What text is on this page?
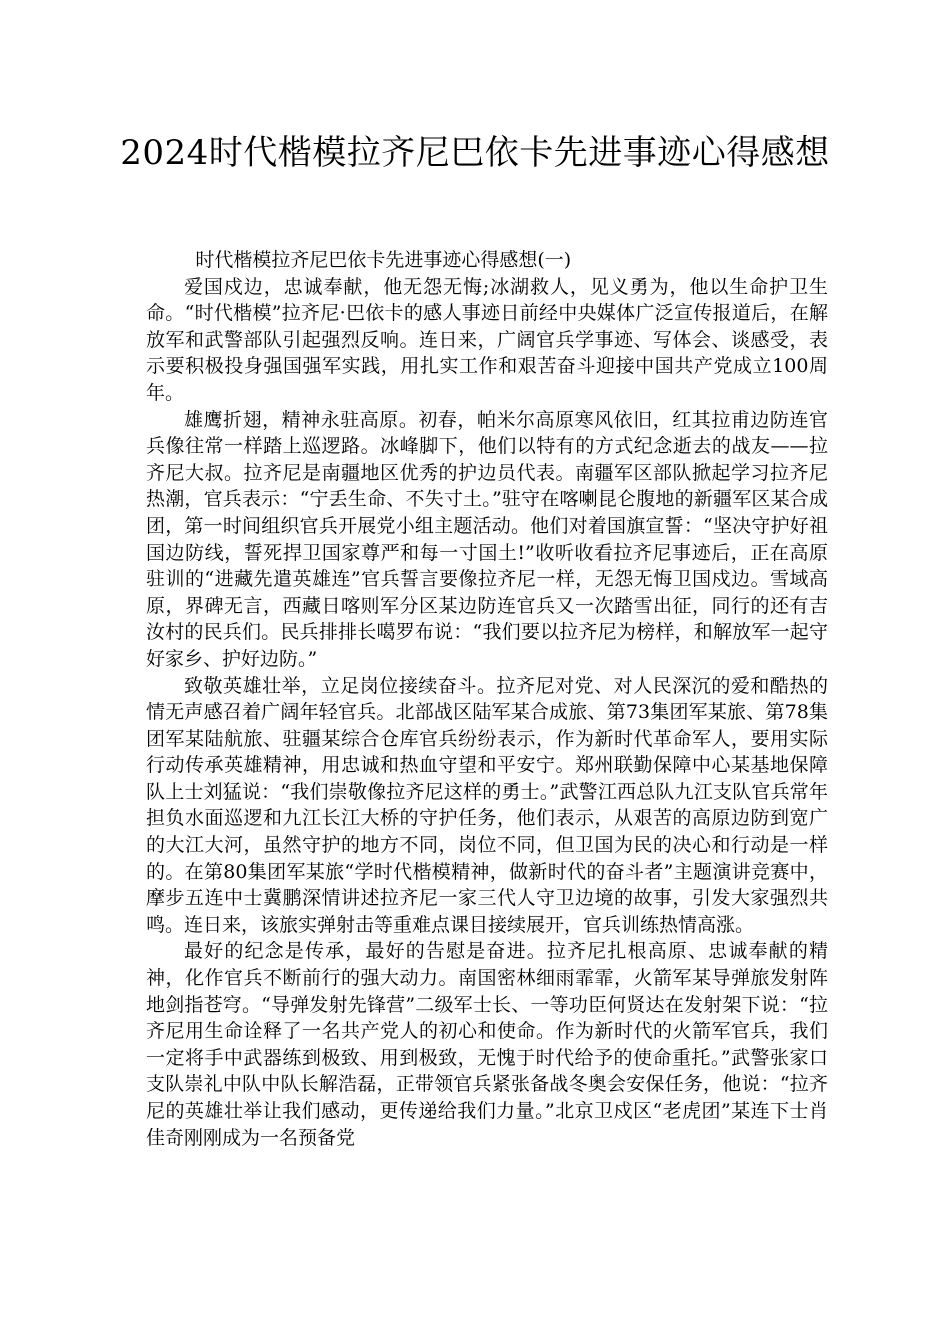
2024时代楷模拉齐尼巴依卡先进事迹心得感想

时代楷模拉齐尼巴依卡先进事迹心得感想(一)

爱国戍边，忠诚奉献，他无怨无悔;冰湖救人，见义勇为，他以生命护卫生命。“时代楷模”拉齐尼·巴依卡的感人事迹日前经中央媒体广泛宣传报道后，在解放军和武警部队引起强烈反响。连日来，广阔官兵学事迹、写体会、谈感受，表示要积极投身强国强军实践，用扎实工作和艰苦奋斗迎接中国共产党成立100周年。

雄鹰折翅，精神永驻高原。初春，帕米尔高原寒风依旧，红其拉甫边防连官兵像往常一样踏上巡逻路。冰峰脚下，他们以特有的方式纪念逝去的战友——拉齐尼大叔。拉齐尼是南疆地区优秀的护边员代表。南疆军区部队掀起学习拉齐尼热潮，官兵表示：“宁丢生命、不失寸土。”驻守在喀喇昆仑腹地的新疆军区某合成团，第一时间组织官兵开展党小组主题活动。他们对着国旗宣誓：“坚决守护好祖国边防线，誓死捍卫国家尊严和每一寸国土!”收听收看拉齐尼事迹后，正在高原驻训的“进藏先遣英雄连”官兵誓言要像拉齐尼一样，无怨无悔卫国戍边。雪域高原，界碑无言，西藏日喀则军分区某边防连官兵又一次踏雪出征，同行的还有吉汝村的民兵们。民兵排排长噶罗布说：“我们要以拉齐尼为榜样，和解放军一起守好家乡、护好边防。”

致敬英雄壮举，立足岗位接续奋斗。拉齐尼对党、对人民深沉的爱和酷热的情无声感召着广阔年轻官兵。北部战区陆军某合成旅、第73集团军某旅、第78集团军某陆航旅、驻疆某综合仓库官兵纷纷表示，作为新时代革命军人，要用实际行动传承英雄精神，用忠诚和热血守望和平安宁。郑州联勤保障中心某基地保障队上士刘猛说：“我们崇敬像拉齐尼这样的勇士。”武警江西总队九江支队官兵常年担负水面巡逻和九江长江大桥的守护任务，他们表示，从艰苦的高原边防到宽广的大江大河，虽然守护的地方不同，岗位不同，但卫国为民的决心和行动是一样的。在第80集团军某旅“学时代楷模精神，做新时代的奋斗者”主题演讲竞赛中，摩步五连中士冀鹏深情讲述拉齐尼一家三代人守卫边境的故事，引发大家强烈共鸣。连日来，该旅实弹射击等重难点课目接续展开，官兵训练热情高涨。

最好的纪念是传承，最好的告慰是奋进。拉齐尼扎根高原、忠诚奉献的精神，化作官兵不断前行的强大动力。南国密林细雨霏霏，火箭军某导弹旅发射阵地剑指苍穹。“导弹发射先锋营”二级军士长、一等功臣何贤达在发射架下说：“拉齐尼用生命诠释了一名共产党人的初心和使命。作为新时代的火箭军官兵，我们一定将手中武器练到极致、用到极致，无愧于时代给予的使命重托。”武警张家口支队崇礼中队中队长解浩磊，正带领官兵紧张备战冬奥会安保任务，他说：“拉齐尼的英雄壮举让我们感动，更传递给我们力量。”北京卫戍区“老虎团”某连下士肖佳奇刚刚成为一名预备党
